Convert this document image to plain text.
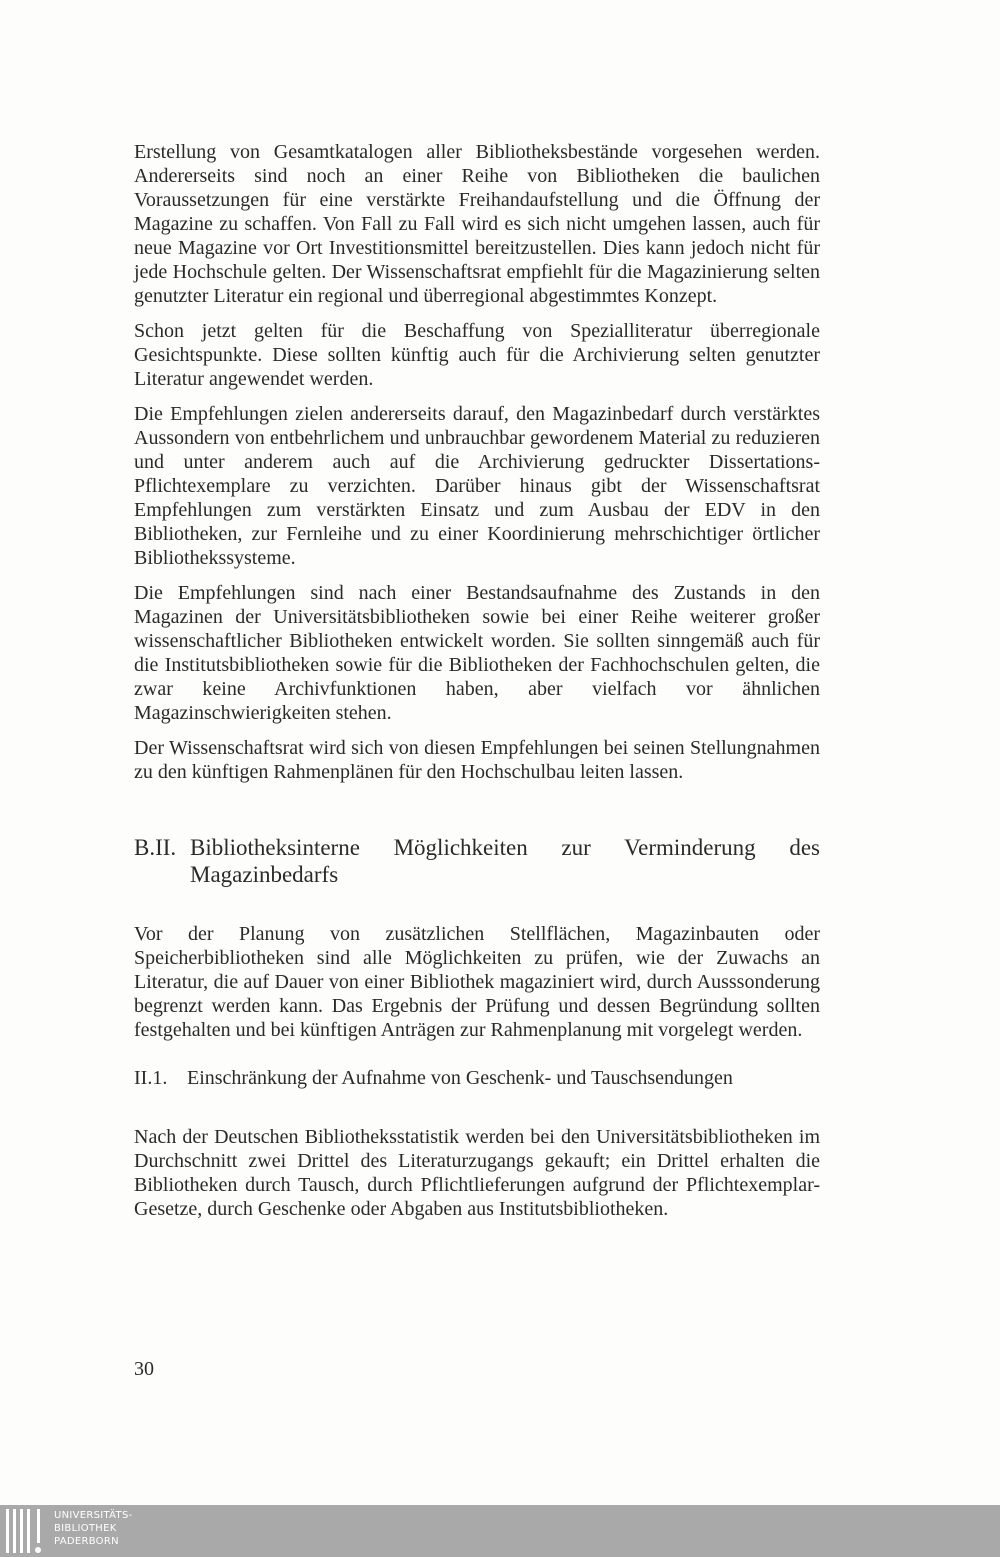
Erstellung von Gesamtkatalogen aller Bibliotheksbestände vorgesehen werden. Andererseits sind noch an einer Reihe von Bibliotheken die baulichen Voraussetzungen für eine verstärkte Freihandaufstellung und die Öffnung der Magazine zu schaffen. Von Fall zu Fall wird es sich nicht umgehen lassen, auch für neue Magazine vor Ort Investitionsmittel bereitzustellen. Dies kann jedoch nicht für jede Hochschule gelten. Der Wissenschaftsrat empfiehlt für die Magazinierung selten genutzter Literatur ein regional und überregional abgestimmtes Konzept.

Schon jetzt gelten für die Beschaffung von Spezialliteratur überregionale Gesichtspunkte. Diese sollten künftig auch für die Archivierung selten genutzter Literatur angewendet werden.

Die Empfehlungen zielen andererseits darauf, den Magazinbedarf durch verstärktes Aussondern von entbehrlichem und unbrauchbar gewordenem Material zu reduzieren und unter anderem auch auf die Archivierung gedruckter Dissertations-Pflichtexemplare zu verzichten. Darüber hinaus gibt der Wissenschaftsrat Empfehlungen zum verstärkten Einsatz und zum Ausbau der EDV in den Bibliotheken, zur Fernleihe und zu einer Koordinierung mehrschichtiger örtlicher Bibliothekssysteme.

Die Empfehlungen sind nach einer Bestandsaufnahme des Zustands in den Magazinen der Universitätsbibliotheken sowie bei einer Reihe weiterer großer wissenschaftlicher Bibliotheken entwickelt worden. Sie sollten sinngemäß auch für die Institutsbibliotheken sowie für die Bibliotheken der Fachhochschulen gelten, die zwar keine Archivfunktionen haben, aber vielfach vor ähnlichen Magazinschwierigkeiten stehen.

Der Wissenschaftsrat wird sich von diesen Empfehlungen bei seinen Stellungnahmen zu den künftigen Rahmenplänen für den Hochschulbau leiten lassen.

B.II. Bibliotheksinterne Möglichkeiten zur Verminderung des Magazinbedarfs

Vor der Planung von zusätzlichen Stellflächen, Magazinbauten oder Speicherbibliotheken sind alle Möglichkeiten zu prüfen, wie der Zuwachs an Literatur, die auf Dauer von einer Bibliothek magaziniert wird, durch Ausssonderung begrenzt werden kann. Das Ergebnis der Prüfung und dessen Begründung sollten festgehalten und bei künftigen Anträgen zur Rahmenplanung mit vorgelegt werden.

II.1. Einschränkung der Aufnahme von Geschenk- und Tauschsendungen

Nach der Deutschen Bibliotheksstatistik werden bei den Universitätsbibliotheken im Durchschnitt zwei Drittel des Literaturzugangs gekauft; ein Drittel erhalten die Bibliotheken durch Tausch, durch Pflichtlieferungen aufgrund der Pflichtexemplar-Gesetze, durch Geschenke oder Abgaben aus Institutsbibliotheken.

30
UNIVERSITÄTS-
BIBLIOTHEK
PADERBORN
